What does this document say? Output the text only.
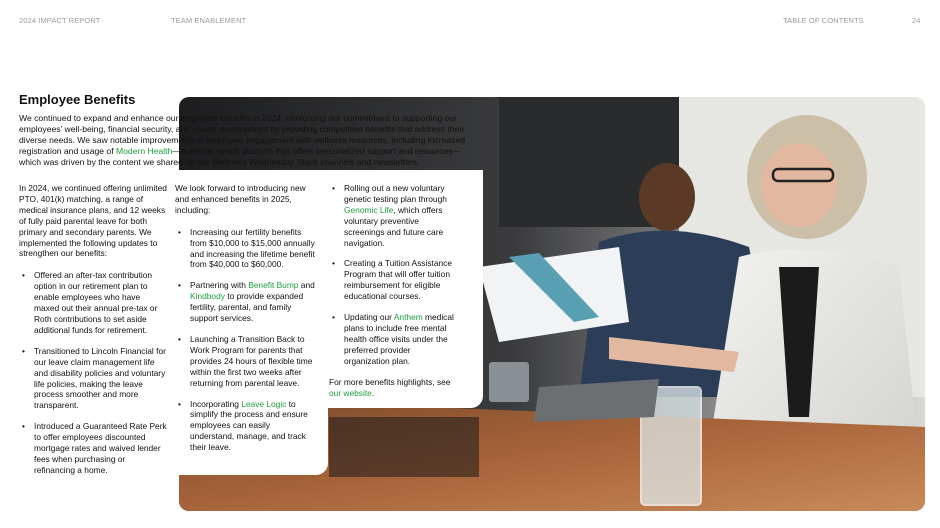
2024 IMPACT REPORT	TEAM ENABLEMENT	TABLE OF CONTENTS	24
Employee Benefits

We continued to expand and enhance our employee benefits in 2024, reinforcing our commitment to supporting our employees’ well-being, financial security, and career development by providing competitive benefits that address their diverse needs. We saw notable improvements in employee engagement with wellness resources, including increased registration and usage of Modern Health—a mental health platform that offers personalized support and resources—which was driven by the content we shared on our Wellness Wednesday Slack channels and newsletters.

In 2024, we continued offering unlimited PTO, 401(k) matching, a range of medical insurance plans, and 12 weeks of fully paid parental leave for both primary and secondary parents. We implemented the following updates to strengthen our benefits:

• Offered an after-tax contribution option in our retirement plan to enable employees who have maxed out their annual pre-tax or Roth contributions to set aside additional funds for retirement.
• Transitioned to Lincoln Financial for our leave claim management life and disability policies and voluntary life policies, making the leave process smoother and more transparent.
• Introduced a Guaranteed Rate Perk to offer employees discounted mortgage rates and waived lender fees when purchasing or refinancing a home.

We look forward to introducing new and enhanced benefits in 2025, including:

• Increasing our fertility benefits from $10,000 to $15,000 annually and increasing the lifetime benefit from $40,000 to $60,000.
• Partnering with Benefit Bump and Kindbody to provide expanded fertility, parental, and family support services.
• Launching a Transition Back to Work Program for parents that provides 24 hours of flexible time within the first two weeks after returning from parental leave.
• Incorporating Leave Logic to simplify the process and ensure employees can easily understand, manage, and track their leave.
• Rolling out a new voluntary genetic testing plan through Genomic Life, which offers voluntary preventive screenings and future care navigation.
• Creating a Tuition Assistance Program that will offer tuition reimbursement for eligible educational courses.
• Updating our Anthem medical plans to include free mental health office visits under the preferred provider organization plan.

For more benefits highlights, see our website.
